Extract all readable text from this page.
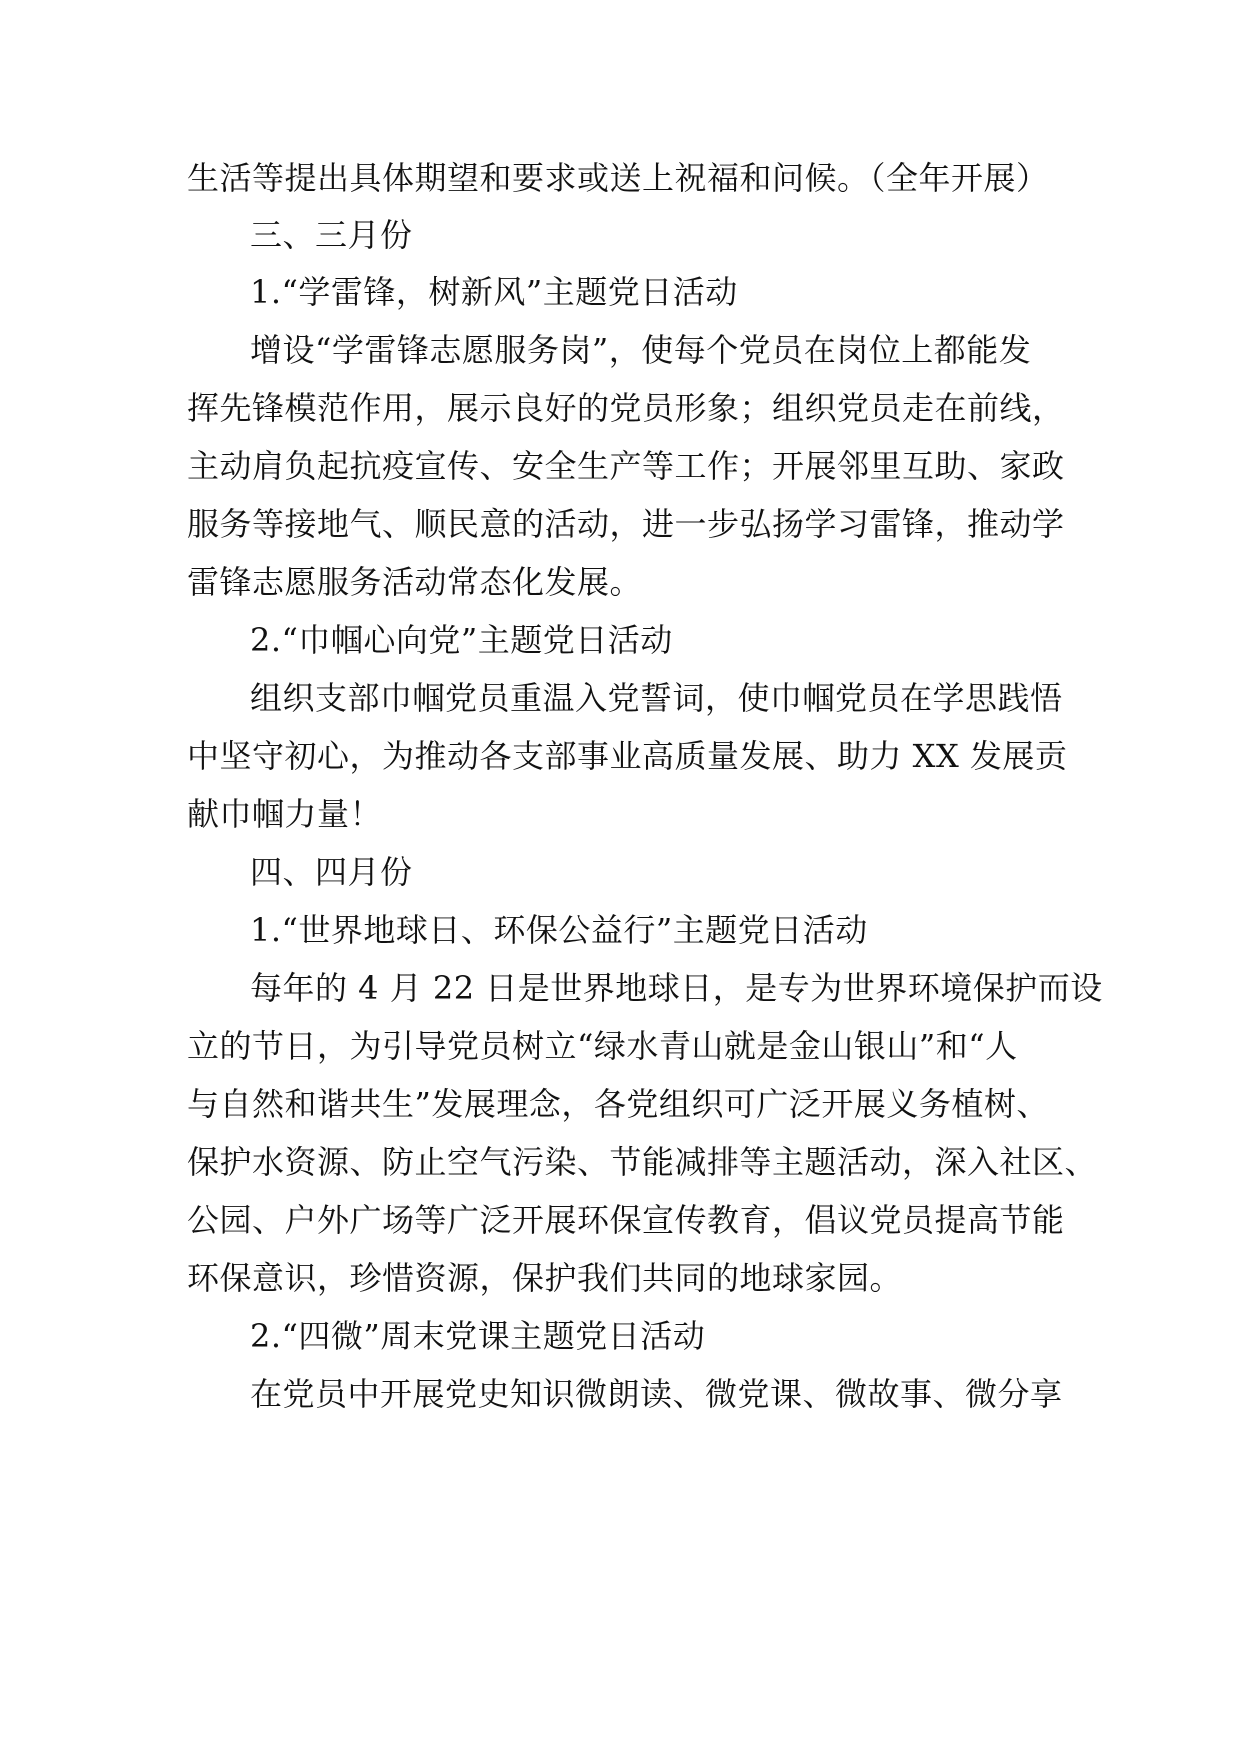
生活等提出具体期望和要求或送上祝福和问候。（全年开展）
三、三月份
1.“学雷锋，树新风”主题党日活动
增设“学雷锋志愿服务岗”，使每个党员在岗位上都能发
挥先锋模范作用，展示良好的党员形象；组织党员走在前线，
主动肩负起抗疫宣传、安全生产等工作；开展邻里互助、家政
服务等接地气、顺民意的活动，进一步弘扬学习雷锋，推动学
雷锋志愿服务活动常态化发展。
2.“巾帼心向党”主题党日活动
组织支部巾帼党员重温入党誓词，使巾帼党员在学思践悟
中坚守初心，为推动各支部事业高质量发展、助力 XX 发展贡
献巾帼力量！
四、四月份
1.“世界地球日、环保公益行”主题党日活动
每年的 4 月 22 日是世界地球日，是专为世界环境保护而设
立的节日，为引导党员树立“绿水青山就是金山银山”和“人
与自然和谐共生”发展理念，各党组织可广泛开展义务植树、
保护水资源、防止空气污染、节能减排等主题活动，深入社区、
公园、户外广场等广泛开展环保宣传教育，倡议党员提高节能
环保意识，珍惜资源，保护我们共同的地球家园。
2.“四微”周末党课主题党日活动
在党员中开展党史知识微朗读、微党课、微故事、微分享
